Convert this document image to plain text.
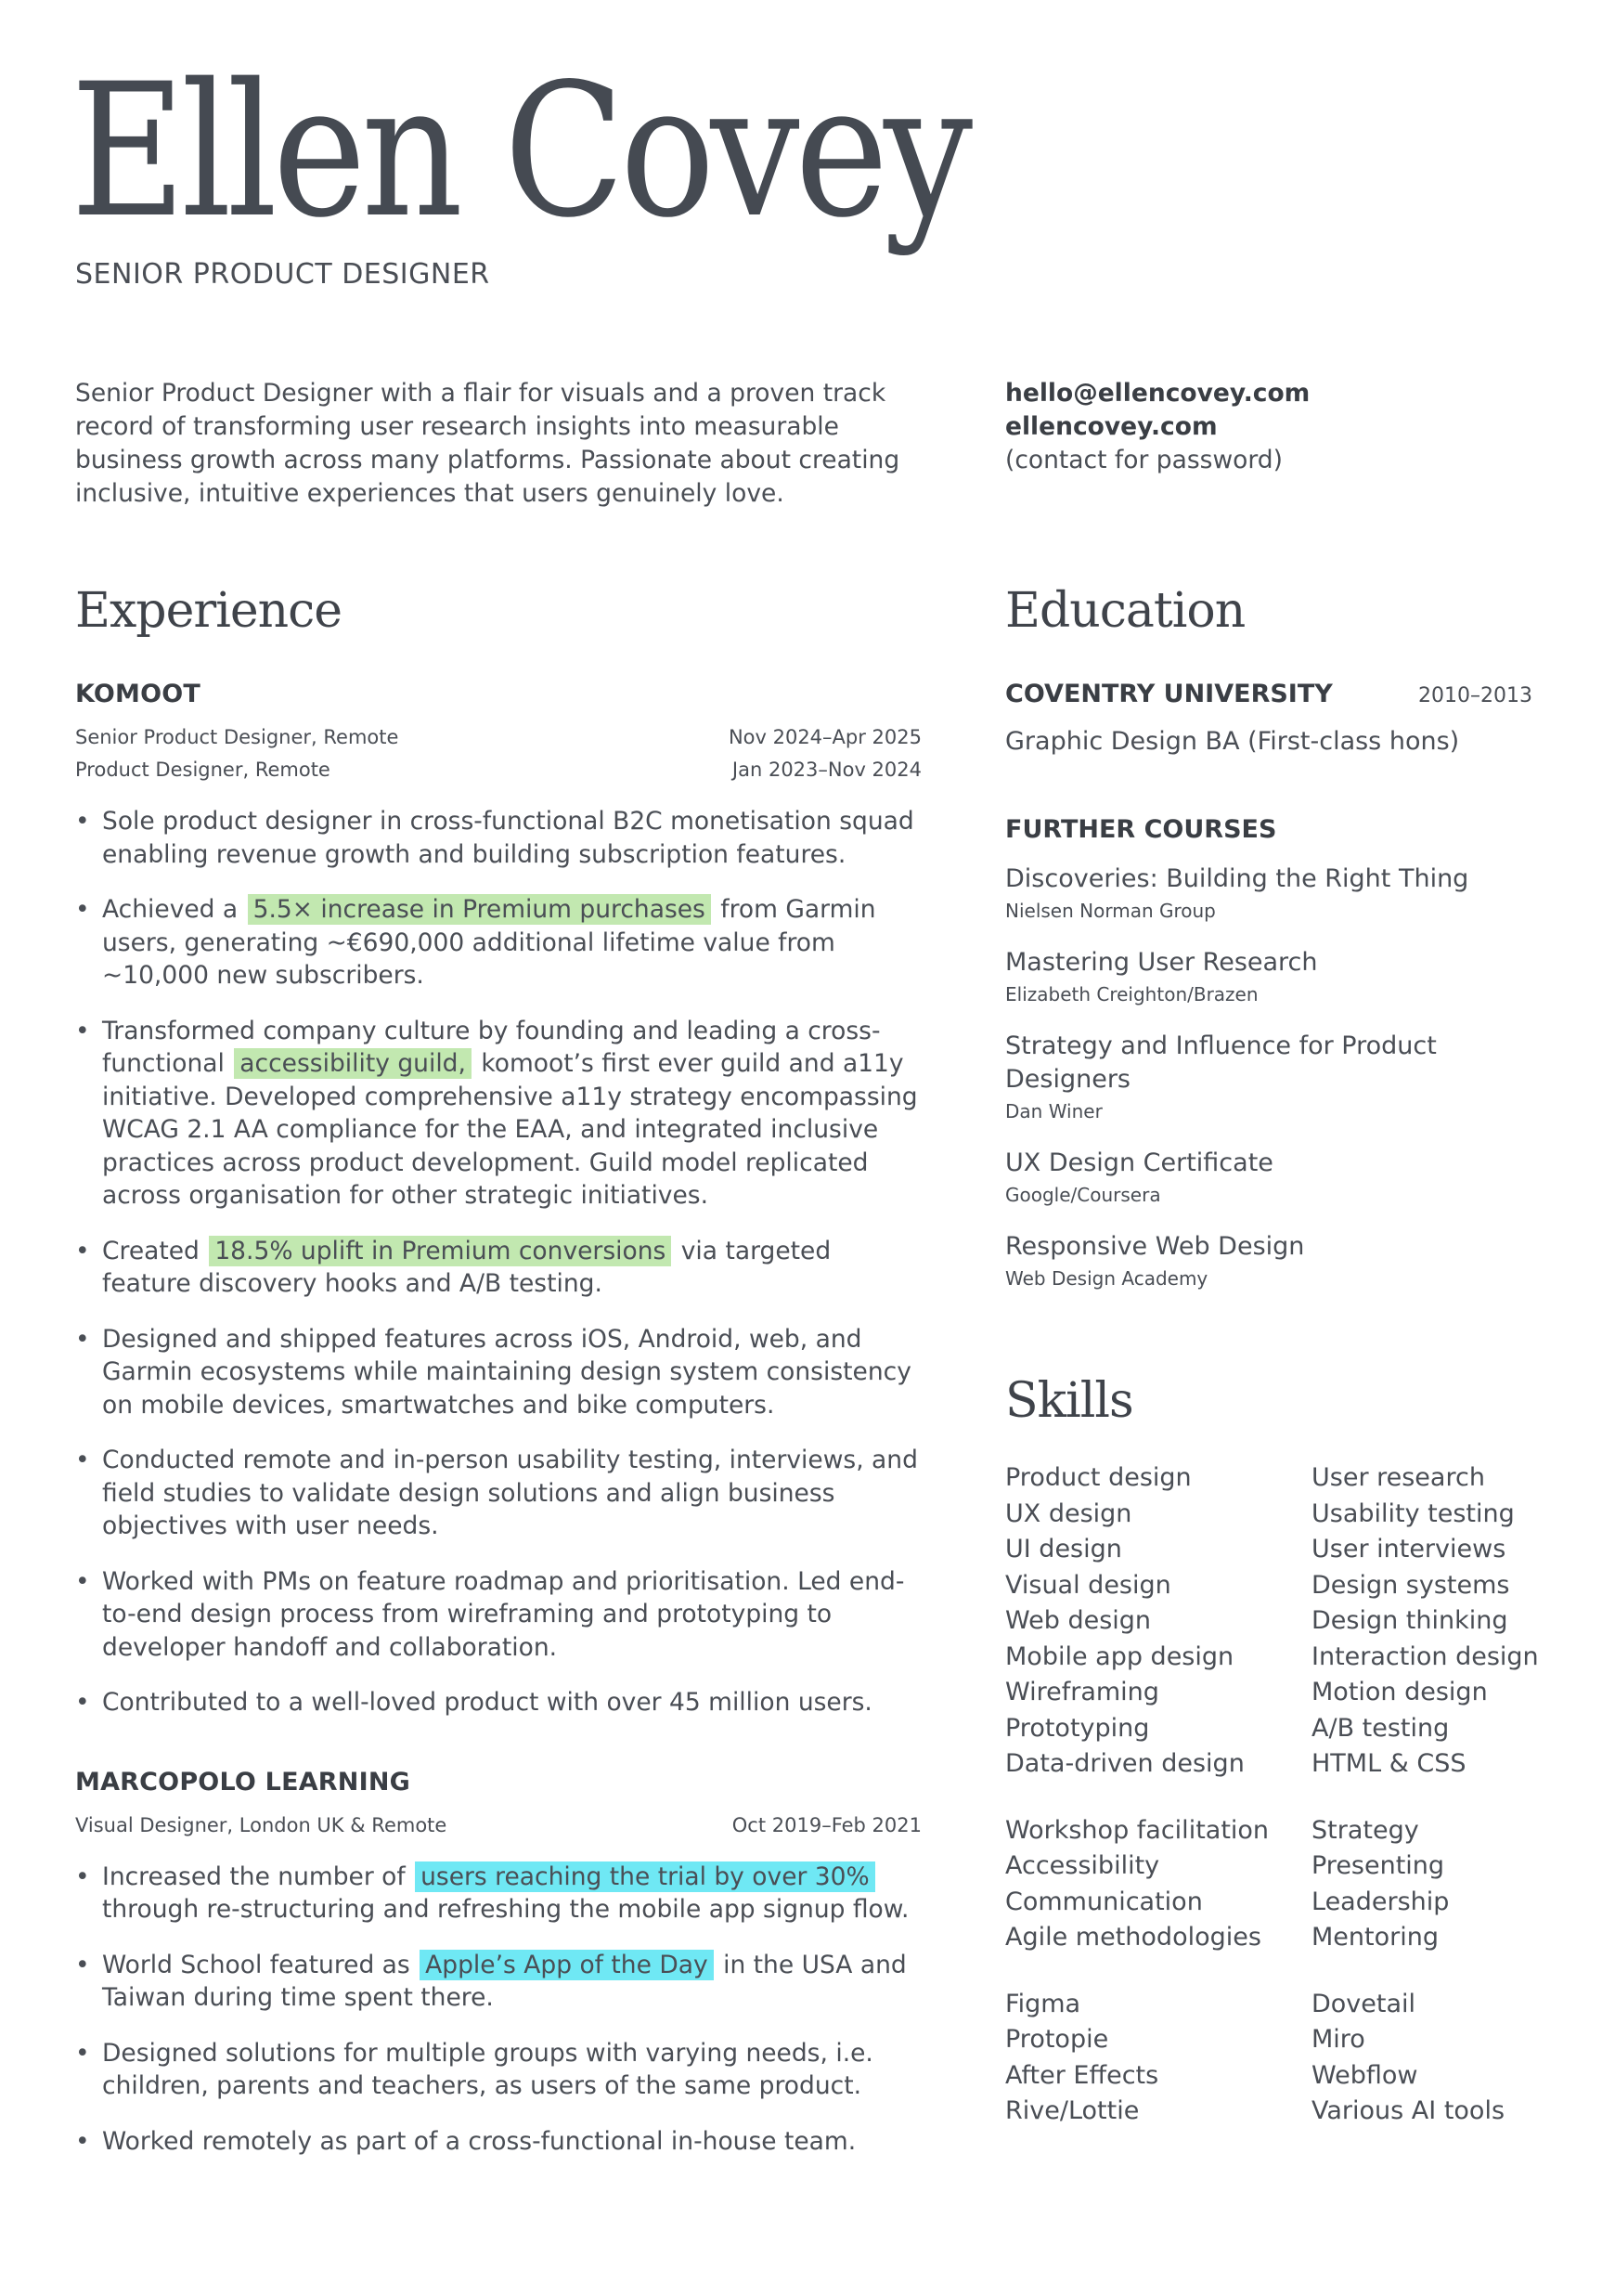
Ellen Covey

SENIOR PRODUCT DESIGNER

Senior Product Designer with a flair for visuals and a proven track record of transforming user research insights into measurable business growth across many platforms. Passionate about creating inclusive, intuitive experiences that users genuinely love.

hello@ellencovey.com
ellencovey.com
(contact for password)
Experience
KOMOOT
Senior Product Designer, Remote	Nov 2024–Apr 2025
Product Designer, Remote	Jan 2023–Nov 2024
• Sole product designer in cross-functional B2C monetisation squad enabling revenue growth and building subscription features.
• Achieved a 5.5× increase in Premium purchases from Garmin users, generating ~€690,000 additional lifetime value from ~10,000 new subscribers.
• Transformed company culture by founding and leading a cross-functional accessibility guild, komoot’s first ever guild and a11y initiative. Developed comprehensive a11y strategy encompassing WCAG 2.1 AA compliance for the EAA, and integrated inclusive practices across product development. Guild model replicated across organisation for other strategic initiatives.
• Created 18.5% uplift in Premium conversions via targeted feature discovery hooks and A/B testing.
• Designed and shipped features across iOS, Android, web, and Garmin ecosystems while maintaining design system consistency on mobile devices, smartwatches and bike computers.
• Conducted remote and in-person usability testing, interviews, and field studies to validate design solutions and align business objectives with user needs.
• Worked with PMs on feature roadmap and prioritisation. Led end-to-end design process from wireframing and prototyping to developer handoff and collaboration.
• Contributed to a well-loved product with over 45 million users.
MARCOPOLO LEARNING
Visual Designer, London UK & Remote	Oct 2019–Feb 2021
• Increased the number of users reaching the trial by over 30% through re-structuring and refreshing the mobile app signup flow.
• World School featured as Apple’s App of the Day in the USA and Taiwan during time spent there.
• Designed solutions for multiple groups with varying needs, i.e. children, parents and teachers, as users of the same product.
• Worked remotely as part of a cross-functional in-house team.
Education
COVENTRY UNIVERSITY	2010–2013
Graphic Design BA (First-class hons)
FURTHER COURSES
Discoveries: Building the Right Thing
Nielsen Norman Group
Mastering User Research
Elizabeth Creighton/Brazen
Strategy and Influence for Product Designers
Dan Winer
UX Design Certificate
Google/Coursera
Responsive Web Design
Web Design Academy
Skills
Product design	User research
UX design	Usability testing
UI design	User interviews
Visual design	Design systems
Web design	Design thinking
Mobile app design	Interaction design
Wireframing	Motion design
Prototyping	A/B testing
Data-driven design	HTML & CSS
Workshop facilitation	Strategy
Accessibility	Presenting
Communication	Leadership
Agile methodologies	Mentoring
Figma	Dovetail
Protopie	Miro
After Effects	Webflow
Rive/Lottie	Various AI tools
